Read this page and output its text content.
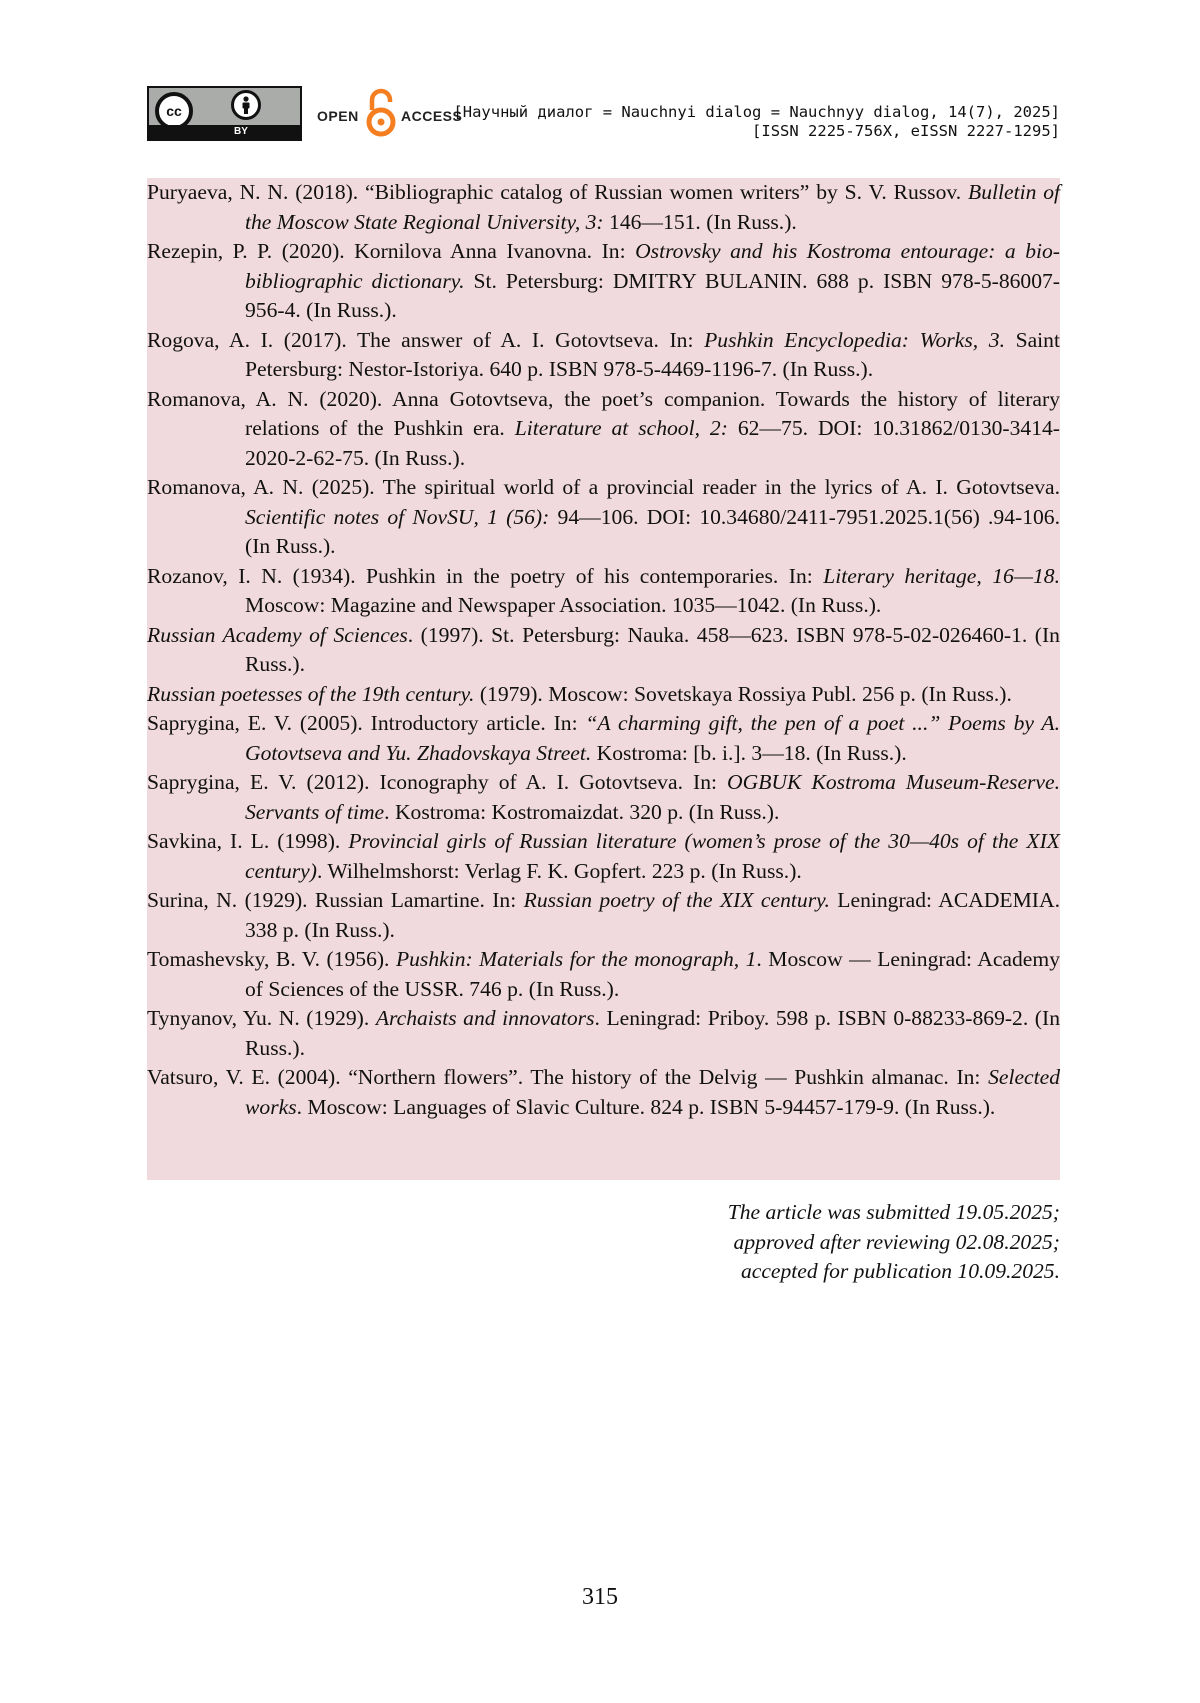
cc
BY
OPEN	ACCESS
[Научный диалог = Nauchnyi dialog = Nauchnyy dialog, 14(7), 2025]
[ISSN 2225-756X, eISSN 2227-1295]

Puryaeva, N. N. (2018). “Bibliographic catalog of Russian women writers” by S. V. Russov. Bulletin of the Moscow State Regional University, 3: 146—151. (In Russ.).

Rezepin, P. P. (2020). Kornilova Anna Ivanovna. In: Ostrovsky and his Kostroma entourage: a bio-bibliographic dictionary. St. Petersburg: DMITRY BULANIN. 688 p. ISBN 978-5-86007-956-4. (In Russ.).

Rogova, A. I. (2017). The answer of A. I. Gotovtseva. In: Pushkin Encyclopedia: Works, 3. Saint Petersburg: Nestor-Istoriya. 640 p. ISBN 978-5-4469-1196-7. (In Russ.).

Romanova, A. N. (2020). Anna Gotovtseva, the poet’s companion. Towards the history of literary relations of the Pushkin era. Literature at school, 2: 62—75. DOI: 10.31862/0130-3414-2020-2-62-75. (In Russ.).

Romanova, A. N. (2025). The spiritual world of a provincial reader in the lyrics of A. I. Gotovtseva. Scientific notes of NovSU, 1 (56): 94—106. DOI: 10.34680/2411-7951.2025.1(56) .94-106. (In Russ.).

Rozanov, I. N. (1934). Pushkin in the poetry of his contemporaries. In: Literary heritage, 16—18. Moscow: Magazine and Newspaper Association. 1035—1042. (In Russ.).

Russian Academy of Sciences. (1997). St. Petersburg: Nauka. 458—623. ISBN 978-5-02-026460-1. (In Russ.).

Russian poetesses of the 19th century. (1979). Moscow: Sovetskaya Rossiya Publ. 256 p. (In Russ.).

Saprygina, E. V. (2005). Introductory article. In: “A charming gift, the pen of a poet ...” Poems by A. Gotovtseva and Yu. Zhadovskaya Street. Kostroma: [b. i.]. 3—18. (In Russ.).

Saprygina, E. V. (2012). Iconography of A. I. Gotovtseva. In: OGBUK Kostroma Museum-Reserve. Servants of time. Kostroma: Kostromaizdat. 320 p. (In Russ.).

Savkina, I. L. (1998). Provincial girls of Russian literature (women’s prose of the 30—40s of the XIX century). Wilhelmshorst: Verlag F. K. Gopfert. 223 p. (In Russ.).

Surina, N. (1929). Russian Lamartine. In: Russian poetry of the XIX century. Leningrad: ACADEMIA. 338 p. (In Russ.).

Tomashevsky, B. V. (1956). Pushkin: Materials for the monograph, 1. Moscow — Leningrad: Academy of Sciences of the USSR. 746 p. (In Russ.).

Tynyanov, Yu. N. (1929). Archaists and innovators. Leningrad: Priboy. 598 p. ISBN 0-88233-869-2. (In Russ.).

Vatsuro, V. E. (2004). “Northern flowers”. The history of the Delvig — Pushkin almanac. In: Selected works. Moscow: Languages of Slavic Culture. 824 p. ISBN 5-94457-179-9. (In Russ.).

The article was submitted 19.05.2025;
approved after reviewing 02.08.2025;
accepted for publication 10.09.2025.
315
